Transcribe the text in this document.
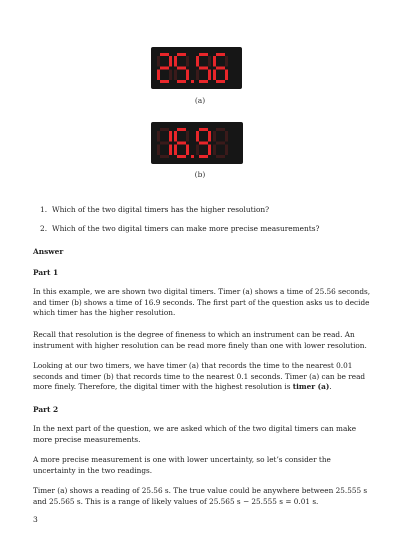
(a)
(b)
1. Which of the two digital timers has the higher resolution?
2. Which of the two digital timers can make more precise measurements?

Answer

Part 1

In this example, we are shown two digital timers. Timer (a) shows a time of 25.56 seconds, and timer (b) shows a time of 16.9 seconds. The first part of the question asks us to decide which timer has the higher resolution.

Recall that resolution is the degree of fineness to which an instrument can be read. An instrument with higher resolution can be read more finely than one with lower resolution.

Looking at our two timers, we have timer (a) that records the time to the nearest 0.01 seconds and timer (b) that records time to the nearest 0.1 seconds. Timer (a) can be read more finely. Therefore, the digital timer with the highest resolution is timer (a).

Part 2

In the next part of the question, we are asked which of the two digital timers can make more precise measurements.

A more precise measurement is one with lower uncertainty, so let’s consider the uncertainty in the two readings.

Timer (a) shows a reading of 25.56 s. The true value could be anywhere between 25.555 s and 25.565 s. This is a range of likely values of 25.565 s − 25.555 s = 0.01 s.

3
